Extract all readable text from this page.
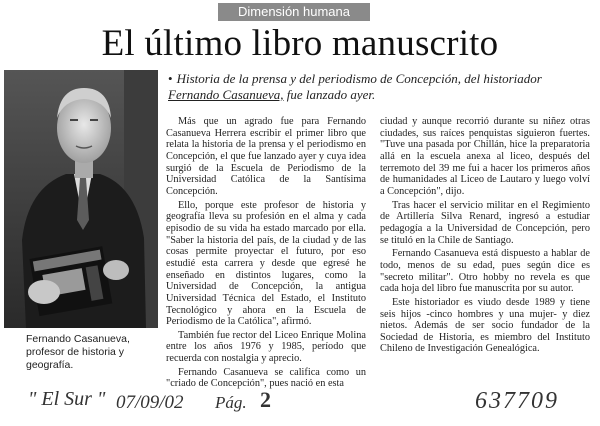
Dimensión humana
El último libro manuscrito
• Historia de la prensa y del periodismo de Concepción, del historiador Fernando Casanueva, fue lanzado ayer.
Fernando Casanueva, profesor de historia y geografía.

Más que un agrado fue para Fernando Casanueva Herrera escribir el primer libro que relata la historia de la prensa y el periodismo en Concepción, el que fue lanzado ayer y cuya idea surgió de la Escuela de Periodismo de la Universidad Católica de la Santísima Concepción.

Ello, porque este profesor de historia y geografía lleva su profesión en el alma y cada episodio de su vida ha estado marcado por ella. "Saber la historia del país, de la ciudad y de las cosas permite proyectar el futuro, por eso estudié esta carrera y desde que egresé he enseñado en distintos lugares, como la Universidad de Concepción, la antigua Universidad Técnica del Estado, el Instituto Tecnológico y ahora en la Escuela de Periodismo de la Católica", afirmó.

También fue rector del Liceo Enrique Molina entre los años 1976 y 1985, período que recuerda con nostalgia y aprecio.

Fernando Casanueva se califica como un "criado de Concepción", pues nació en esta

ciudad y aunque recorrió durante su niñez otras ciudades, sus raíces penquistas siguieron fuertes. "Tuve una pasada por Chillán, hice la preparatoria allá en la escuela anexa al liceo, después del terremoto del 39 me fui a hacer los primeros años de humanidades al Liceo de Lautaro y luego volví a Concepción", dijo.

Tras hacer el servicio militar en el Regimiento de Artillería Silva Renard, ingresó a estudiar pedagogía a la Universidad de Concepción, pero se tituló en la Chile de Santiago.

Fernando Casanueva está dispuesto a hablar de todo, menos de su edad, pues según dice es "secreto militar". Otro hobby no revela es que cada hoja del libro fue manuscrita por su autor.

Este historiador es viudo desde 1989 y tiene seis hijos -cinco hombres y una mujer- y diez nietos. Además de ser socio fundador de la Sociedad de Historia, es miembro del Instituto Chileno de Investigación Genealógica.

" El Sur " 07/09/02 Pág. 2	637709
